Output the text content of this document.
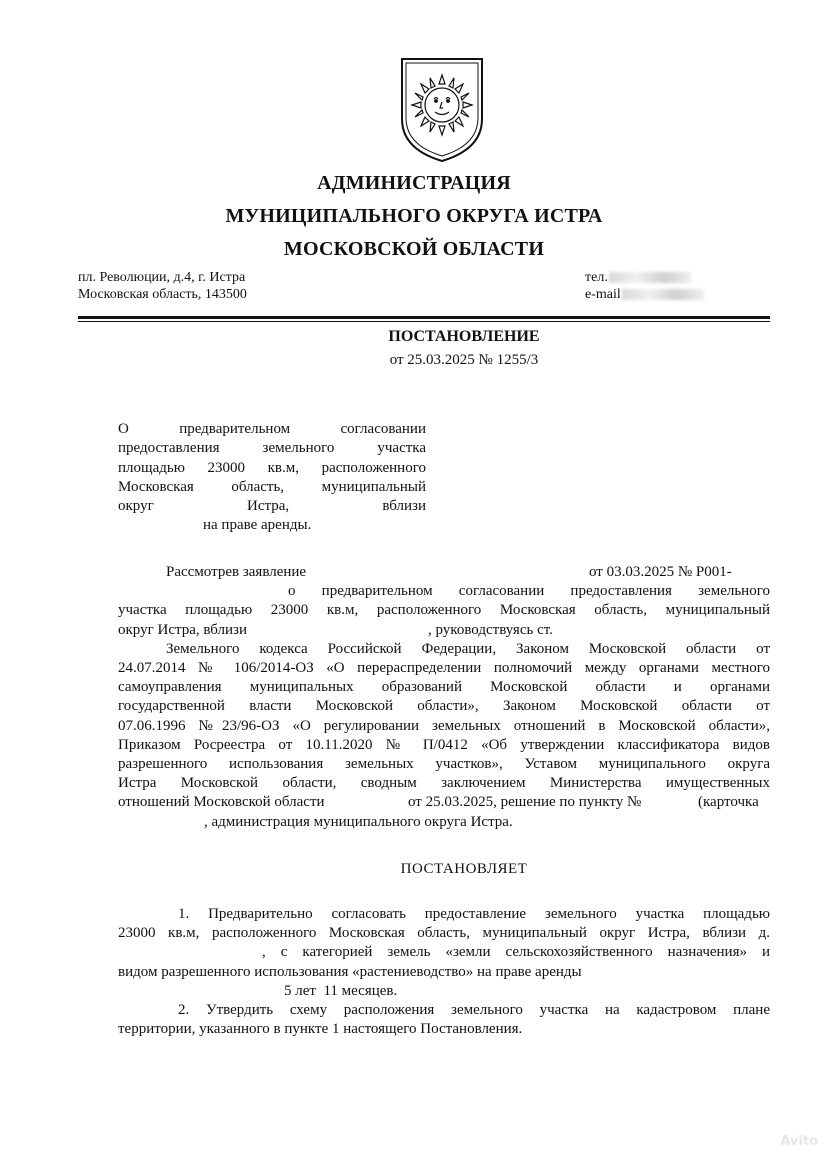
АДМИНИСТРАЦИЯ
МУНИЦИПАЛЬНОГО ОКРУГА ИСТРА
МОСКОВСКОЙ ОБЛАСТИ
пл. Революции, д.4, г. Истра
Московская область, 143500
тел.
e-mail
ПОСТАНОВЛЕНИЕ
от 25.03.2025 № 1255/3
О предварительном согласовании
предоставления земельного участка
площадью 23000 кв.м, расположенного
Московская область, муниципальный
округ Истра, вблизи
на праве аренды.
Рассмотрев заявление	от 03.03.2025 № Р001-
о предварительном согласовании предоставления земельного
участка площадью 23000 кв.м, расположенного Московская область, муниципальный
округ Истра, вблизи	, руководствуясь ст.
Земельного кодекса Российской Федерации, Законом Московской области от
24.07.2014 № 106/2014-ОЗ «О перераспределении полномочий между органами местного
самоуправления муниципальных образований Московской области и органами
государственной власти Московской области», Законом Московской области от
07.06.1996 №23/96-ОЗ «О регулировании земельных отношений в Московской области»,
Приказом Росреестра от 10.11.2020 № П/0412 «Об утверждении классификатора видов
разрешенного использования земельных участков», Уставом муниципального округа
Истра Московской области, сводным заключением Министерства имущественных
отношений Московской области	от 25.03.2025, решение по пункту №	(карточка
, администрация муниципального округа Истра.
ПОСТАНОВЛЯЕТ
1. Предварительно согласовать предоставление земельного участка площадью
23000 кв.м, расположенного Московская область, муниципальный округ Истра, вблизи д.
, с категорией земель «земли сельскохозяйственного назначения» и
видом разрешенного использования «растениеводство» на праве аренды
5 лет  11 месяцев.
2. Утвердить схему расположения земельного участка на кадастровом плане
территории, указанного в пункте 1 настоящего Постановления.
Avito
